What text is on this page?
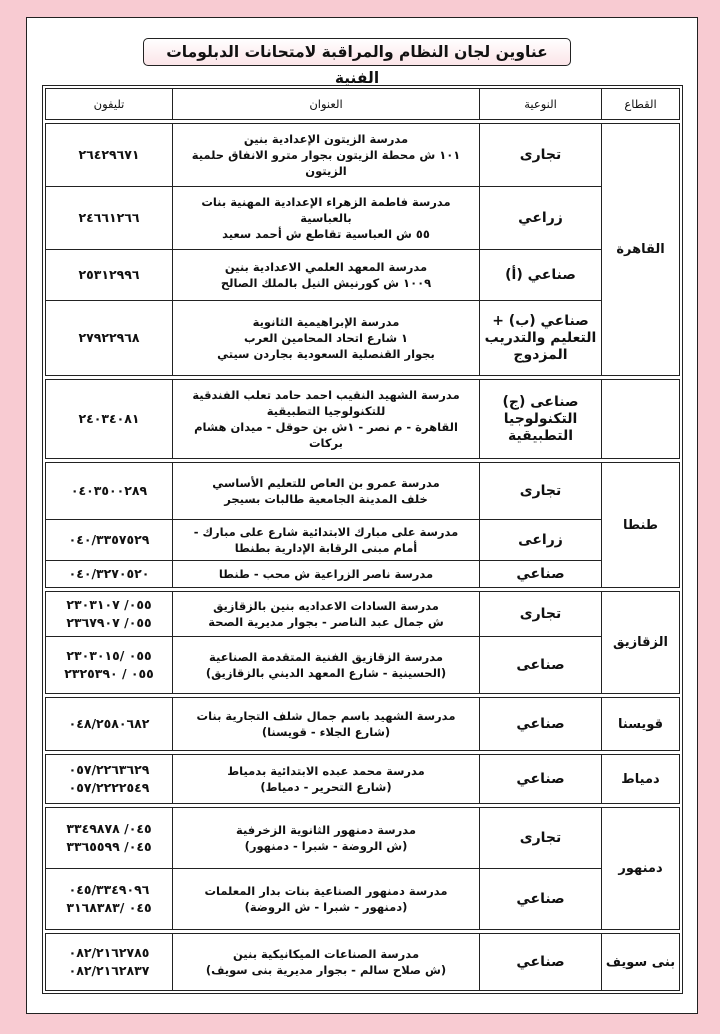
عناوين لجان النظام والمراقبة لامتحانات الدبلومات الفنية
القطاع
النوعية
العنوان
تليفون
القاهرة
تجارى
مدرسة الزيتون الإعدادية بنين
١٠١ ش محطة الزيتون بجوار مترو الانفاق حلمية الزيتون
٢٦٤٢٩٦٧١
زراعي
مدرسة فاطمة الزهراء الإعدادية المهنية بنات بالعباسية
٥٥ ش العباسية تقاطع ش أحمد سعيد
٢٤٦٦١٢٦٦
صناعي (أ)
مدرسة المعهد العلمي الاعدادية بنين
١٠٠٩ ش كورنيش النيل بالملك الصالح
٢٥٣١٢٩٩٦
صناعي (ب) + التعليم والتدريب المزدوج
مدرسة الإبراهيمية الثانوية
١ شارع اتحاد المحامين العرب
بجوار القنصلية السعودية بجاردن سيتي
٢٧٩٢٢٩٦٨
صناعى (ج) التكنولوجيا التطبيقية
مدرسة الشهيد النقيب احمد حامد تعلب الفندقية
للتكنولوجيا التطبيقية
القاهرة - م نصر - ١ش بن حوقل - ميدان هشام بركات
٢٤٠٣٤٠٨١
طنطا
تجارى
مدرسة عمرو بن العاص للتعليم الأساسي
خلف المدينة الجامعية طالبات بسيجر
٠٤٠٣٥٠٠٢٨٩
زراعى
مدرسة على مبارك الابتدائية شارع على مبارك -
أمام مبنى الرقابة الإدارية بطنطا
٠٤٠/٣٣٥٧٥٢٩
صناعي
مدرسة ناصر الزراعية ش محب - طنطا
٠٤٠/٣٢٧٠٥٢٠
الزقازيق
تجارى
مدرسة السادات الاعداديه بنين بالزقازيق
ش جمال عبد الناصر - بجوار مديرية الصحة
٠٥٥/ ٢٣٠٣١٠٧
٠٥٥/ ٢٣٦٧٩٠٧
صناعى
مدرسة الزقازيق الفنية المتقدمة الصناعية
(الحسينية - شارع المعهد الديني بالزقازيق)
٠٥٥ /٢٣٠٣٠١٥
٠٥٥ / ٢٣٢٥٣٩٠
قويسنا
صناعي
مدرسة الشهيد باسم جمال شلف التجارية بنات
(شارع الجلاء - قويسنا)
٠٤٨/٢٥٨٠٦٨٢
دمياط
صناعي
مدرسة محمد عبده الابتدائية بدمياط
(شارع التحرير - دمياط)
٠٥٧/٢٢٦٣٦٢٩
٠٥٧/٢٢٢٢٥٤٩
دمنهور
تجارى
مدرسة دمنهور الثانوية الزخرفية
(ش الروضة - شبرا - دمنهور)
٠٤٥/ ٣٣٤٩٨٧٨
٠٤٥/ ٣٣٦٥٥٩٩
صناعي
مدرسة دمنهور الصناعية بنات بدار المعلمات
(دمنهور - شبرا - ش الروضة)
٠٤٥/٣٣٤٩٠٩٦
٠٤٥ /٣١٦٨٣٨٣
بنى سويف
صناعي
مدرسة الصناعات الميكانيكية بنين
(ش صلاح سالم - بجوار مديرية بنى سويف)
٠٨٢/٢١٦٢٧٨٥
٠٨٢/٢١٦٢٨٣٧
